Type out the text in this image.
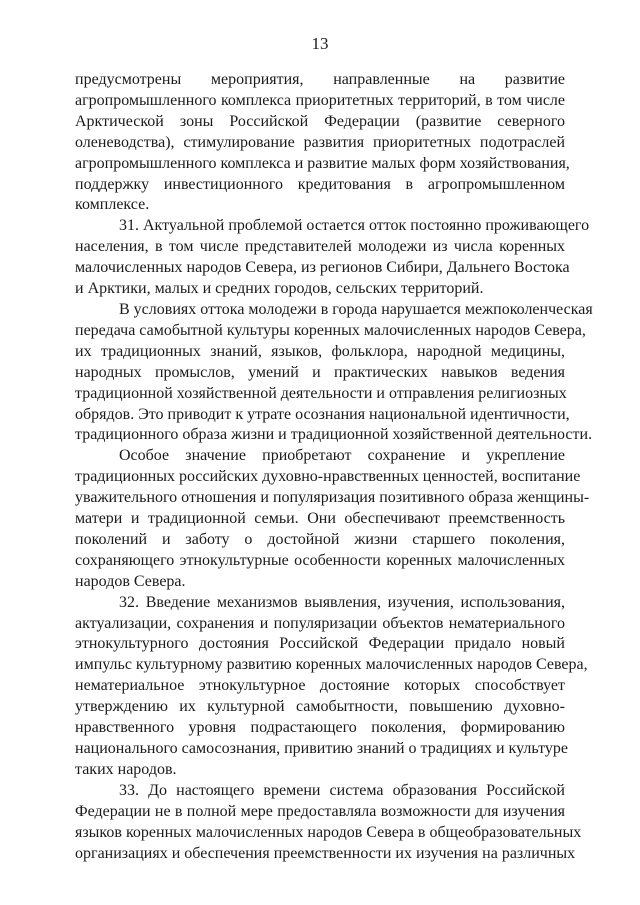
13
предусмотрены мероприятия, направленные на развитие
агропромышленного комплекса приоритетных территорий, в том числе
Арктической зоны Российской Федерации (развитие северного
оленеводства), стимулирование развития приоритетных подотраслей
агропромышленного комплекса и развитие малых форм хозяйствования,
поддержку инвестиционного кредитования в агропромышленном
комплексе.
31. Актуальной проблемой остается отток постоянно проживающего
населения, в том числе представителей молодежи из числа коренных
малочисленных народов Севера, из регионов Сибири, Дальнего Востока
и Арктики, малых и средних городов, сельских территорий.
В условиях оттока молодежи в города нарушается межпоколенческая
передача самобытной культуры коренных малочисленных народов Севера,
их традиционных знаний, языков, фольклора, народной медицины,
народных промыслов, умений и практических навыков ведения
традиционной хозяйственной деятельности и отправления религиозных
обрядов. Это приводит к утрате осознания национальной идентичности,
традиционного образа жизни и традиционной хозяйственной деятельности.
Особое значение приобретают сохранение и укрепление
традиционных российских духовно-нравственных ценностей, воспитание
уважительного отношения и популяризация позитивного образа женщины-
матери и традиционной семьи. Они обеспечивают преемственность
поколений и заботу о достойной жизни старшего поколения,
сохраняющего этнокультурные особенности коренных малочисленных
народов Севера.
32. Введение механизмов выявления, изучения, использования,
актуализации, сохранения и популяризации объектов нематериального
этнокультурного достояния Российской Федерации придало новый
импульс культурному развитию коренных малочисленных народов Севера,
нематериальное этнокультурное достояние которых способствует
утверждению их культурной самобытности, повышению духовно-
нравственного уровня подрастающего поколения, формированию
национального самосознания, привитию знаний о традициях и культуре
таких народов.
33. До настоящего времени система образования Российской
Федерации не в полной мере предоставляла возможности для изучения
языков коренных малочисленных народов Севера в общеобразовательных
организациях и обеспечения преемственности их изучения на различных
